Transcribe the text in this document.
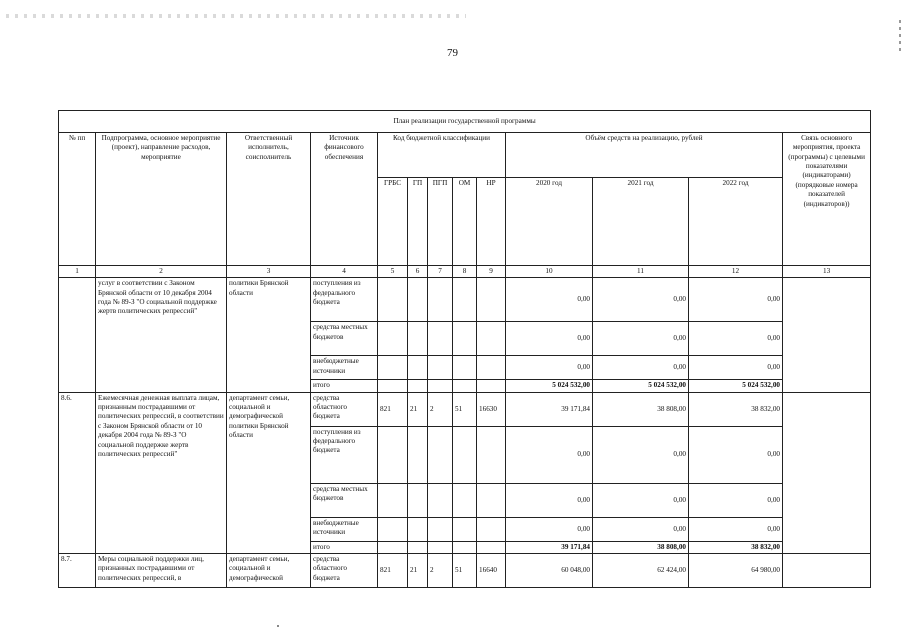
79
План реализации государственной программы												
№ пп	Подпрограмма, основное мероприятие (проект), направление расходов, мероприятие	Ответственный исполнитель, соисполнитель	Источник финансового обеспечения	Код бюджетной классификации					Объём средств на реализацию, рублей			Связь основного мероприятия, проекта (программы) с целевыми показателями (индикаторами) (порядковые номера показателей (индикаторов))
				ГРБС	ГП	ПГП	ОМ	НР	2020 год	2021 год	2022 год	
1	2	3	4	5	6	7	8	9	10	11	12	13
	услуг в соответствии с Законом Брянской области от 10 декабря 2004 года № 89-З "О социальной поддержке жертв политических репрессий"	политики Брянской области	поступления из федерального бюджета						0,00	0,00	0,00	
			средства местных бюджетов						0,00	0,00	0,00	
			внебюджетные источники						0,00	0,00	0,00	
			итого						5 024 532,00	5 024 532,00	5 024 532,00	
8.6.	Ежемесячная денежная выплата лицам, признанным пострадавшими от политических репрессий, в соответствии с Законом Брянской области от 10 декабря 2004 года № 89-З "О социальной поддержке жертв политических репрессий"	департамент семьи, социальной и демографической политики Брянской области	средства областного бюджета	821	21	2	51	16630	39 171,84	38 808,00	38 832,00	
			поступления из федерального бюджета						0,00	0,00	0,00	
			средства местных бюджетов						0,00	0,00	0,00	
			внебюджетные источники						0,00	0,00	0,00	
			итого						39 171,84	38 808,00	38 832,00	
8.7.	Меры социальной поддержки лиц, признанных пострадавшими от политических репрессий, в	департамент семьи, социальной и демографической	средства областного бюджета	821	21	2	51	16640	60 048,00	62 424,00	64 980,00	
